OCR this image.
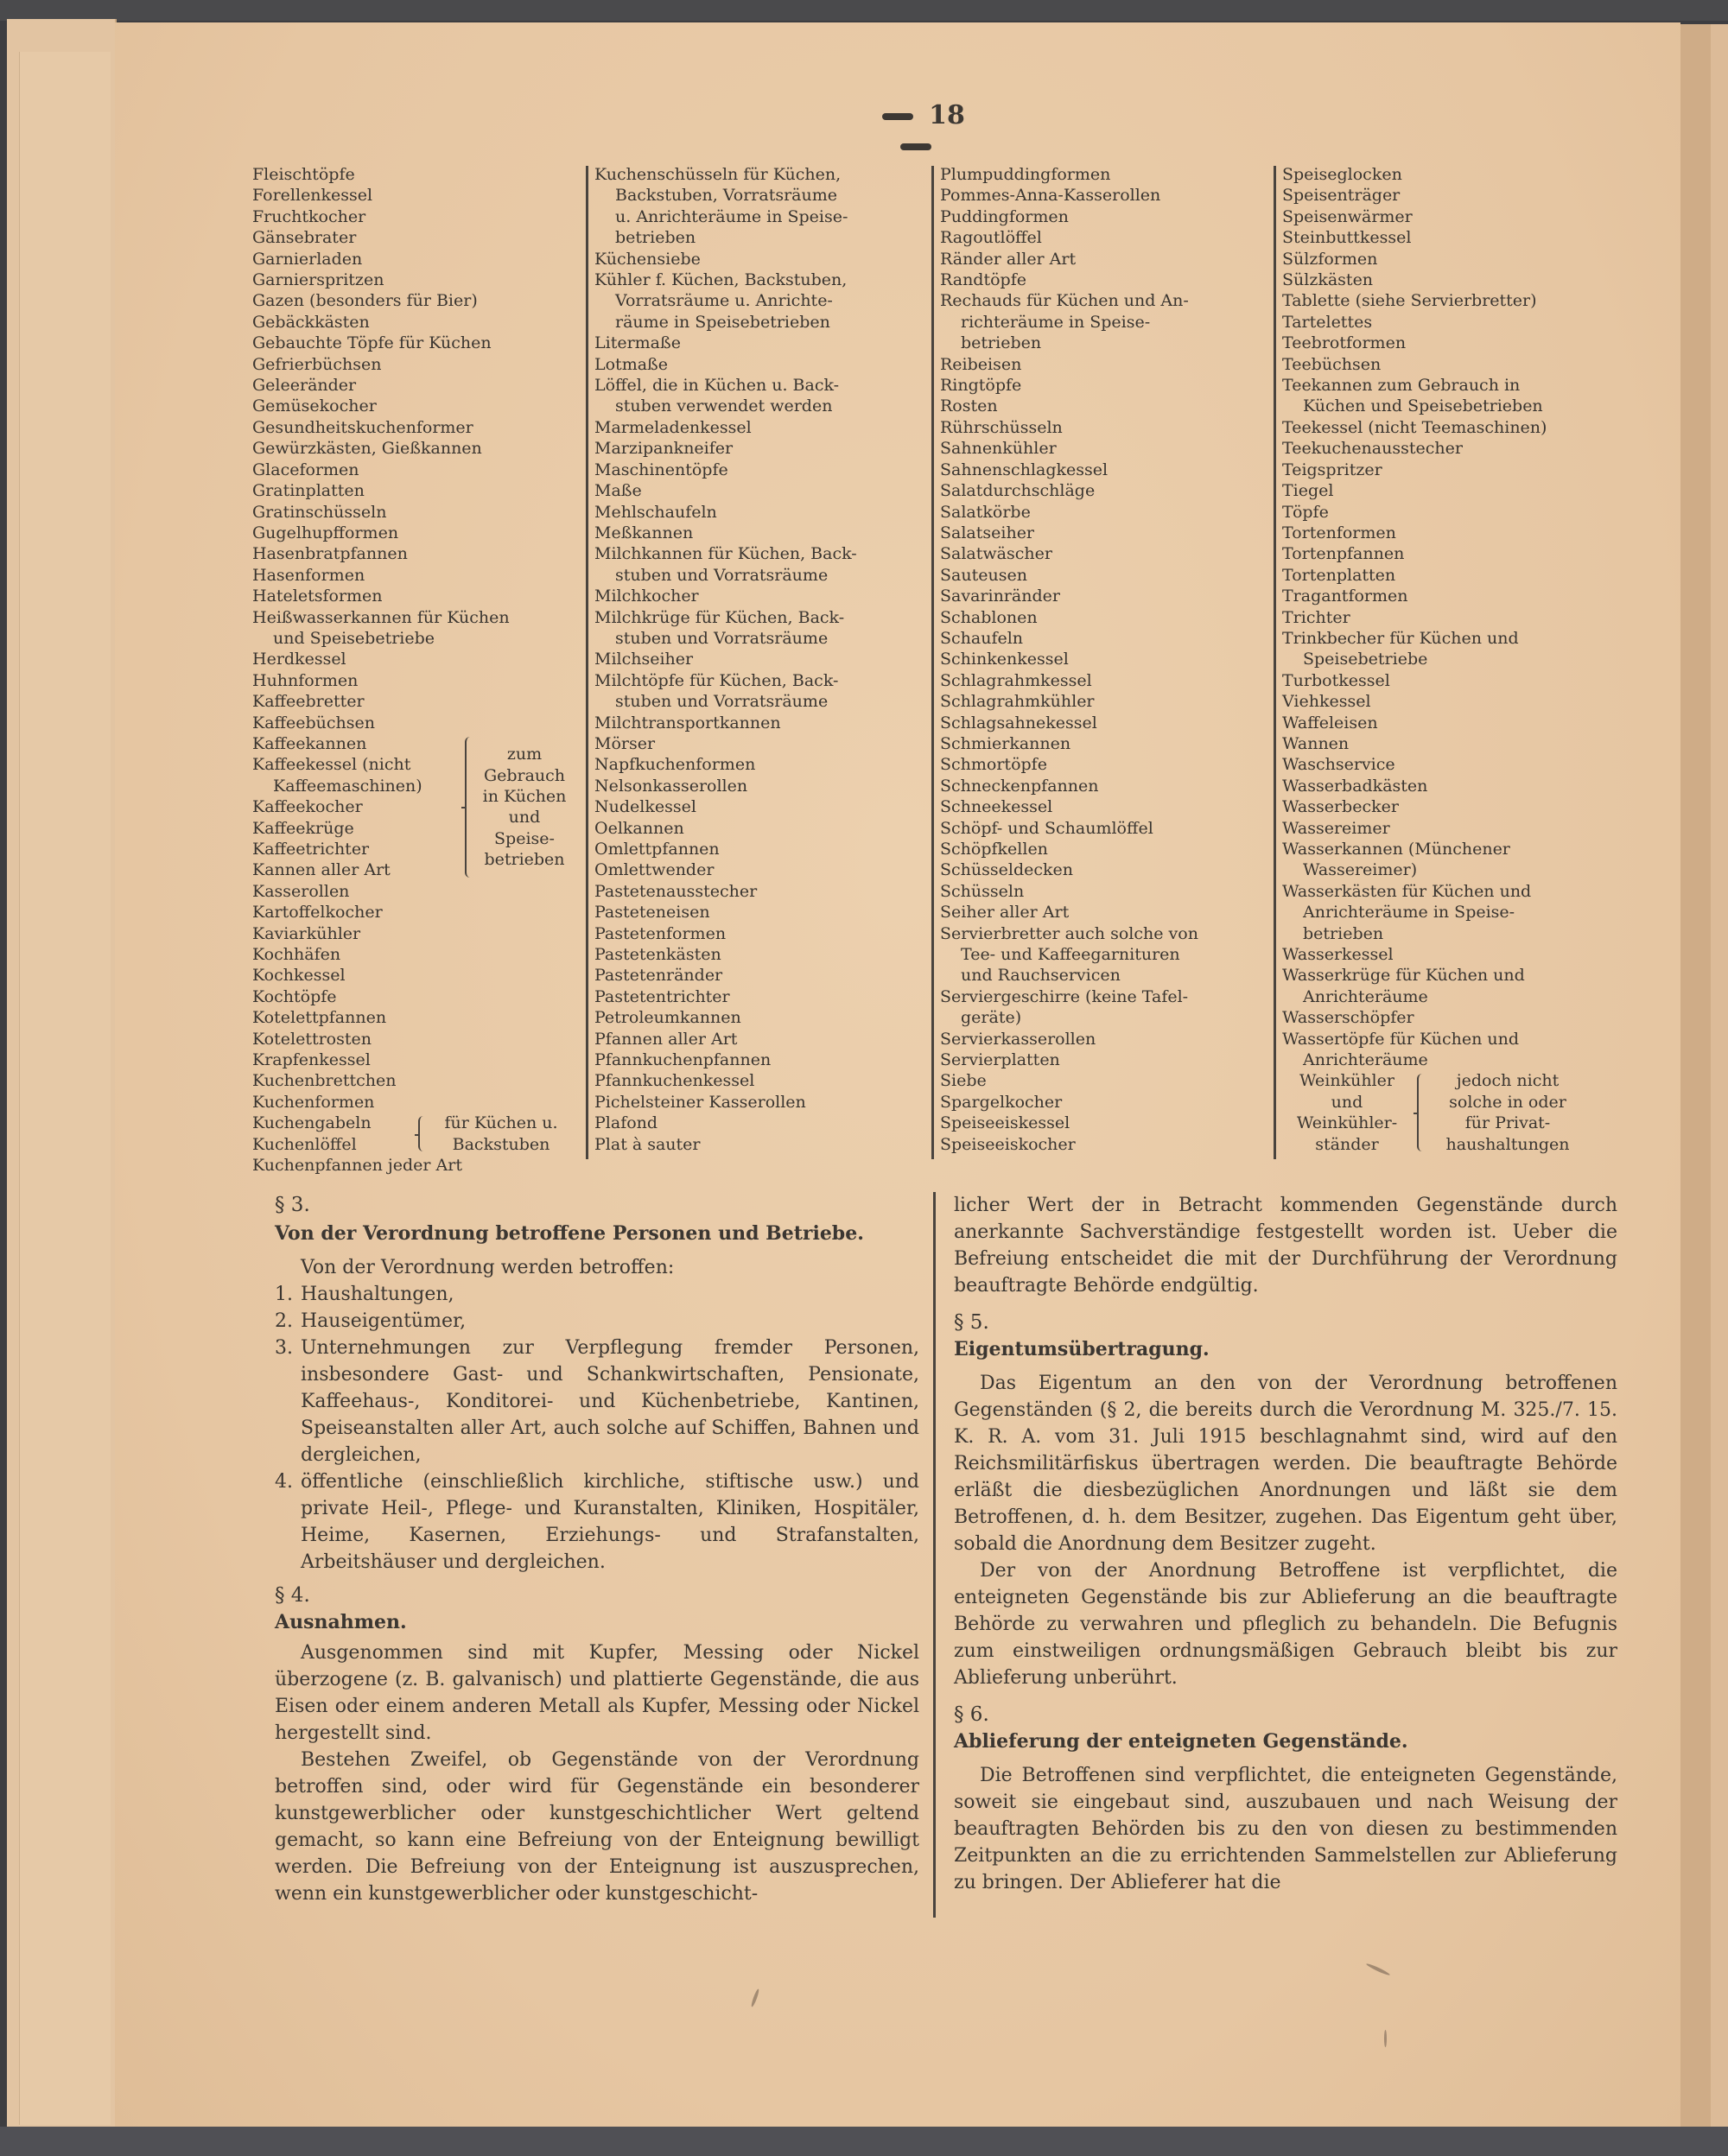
18
Fleischtöpfe
Forellenkessel
Fruchtkocher
Gänsebrater
Garnierladen
Garnierspritzen
Gazen (besonders für Bier)
Gebäckkästen
Gebauchte Töpfe für Küchen
Gefrierbüchsen
Geleeränder
Gemüsekocher
Gesundheitskuchenformer
Gewürzkästen, Gießkannen
Glaceformen
Gratinplatten
Gratinschüsseln
Gugelhupfformen
Hasenbratpfannen
Hasenformen
Hateletsformen
Heißwasserkannen für Küchen
und Speisebetriebe
Herdkessel
Huhnformen
Kaffeebretter
Kaffeebüchsen
Kaffeekannen
Kaffeekessel (nicht
Kaffeemaschinen)
Kaffeekocher
Kaffeekrüge
Kaffeetrichter
Kannen aller Art
zum
Gebrauch
in Küchen
und
Speise-
betrieben
Kasserollen
Kartoffelkocher
Kaviarkühler
Kochhäfen
Kochkessel
Kochtöpfe
Kotelettpfannen
Kotelettrosten
Krapfenkessel
Kuchenbrettchen
Kuchenformen
Kuchengabeln
Kuchenlöffel
für Küchen u.
Backstuben
Kuchenpfannen jeder Art
Kuchenschüsseln für Küchen,
Backstuben, Vorratsräume
u. Anrichteräume in Speise-
betrieben
Küchensiebe
Kühler f. Küchen, Backstuben,
Vorratsräume u. Anrichte-
räume in Speisebetrieben
Litermaße
Lotmaße
Löffel, die in Küchen u. Back-
stuben verwendet werden
Marmeladenkessel
Marzipankneifer
Maschinentöpfe
Maße
Mehlschaufeln
Meßkannen
Milchkannen für Küchen, Back-
stuben und Vorratsräume
Milchkocher
Milchkrüge für Küchen, Back-
stuben und Vorratsräume
Milchseiher
Milchtöpfe für Küchen, Back-
stuben und Vorratsräume
Milchtransportkannen
Mörser
Napfkuchenformen
Nelsonkasserollen
Nudelkessel
Oelkannen
Omlettpfannen
Omlettwender
Pastetenausstecher
Pasteteneisen
Pastetenformen
Pastetenkästen
Pastetenränder
Pastetentrichter
Petroleumkannen
Pfannen aller Art
Pfannkuchenpfannen
Pfannkuchenkessel
Pichelsteiner Kasserollen
Plafond
Plat à sauter
Plumpuddingformen
Pommes-Anna-Kasserollen
Puddingformen
Ragoutlöffel
Ränder aller Art
Randtöpfe
Rechauds für Küchen und An-
richteräume in Speise-
betrieben
Reibeisen
Ringtöpfe
Rosten
Rührschüsseln
Sahnenkühler
Sahnenschlagkessel
Salatdurchschläge
Salatkörbe
Salatseiher
Salatwäscher
Sauteusen
Savarinränder
Schablonen
Schaufeln
Schinkenkessel
Schlagrahmkessel
Schlagrahmkühler
Schlagsahnekessel
Schmierkannen
Schmortöpfe
Schneckenpfannen
Schneekessel
Schöpf- und Schaumlöffel
Schöpfkellen
Schüsseldecken
Schüsseln
Seiher aller Art
Servierbretter auch solche von
Tee- und Kaffeegarnituren
und Rauchservicen
Serviergeschirre (keine Tafel-
geräte)
Servierkasserollen
Servierplatten
Siebe
Spargelkocher
Speiseeiskessel
Speiseeiskocher
Speiseglocken
Speisenträger
Speisenwärmer
Steinbuttkessel
Sülzformen
Sülzkästen
Tablette (siehe Servierbretter)
Tartelettes
Teebrotformen
Teebüchsen
Teekannen zum Gebrauch in
Küchen und Speisebetrieben
Teekessel (nicht Teemaschinen)
Teekuchenausstecher
Teigspritzer
Tiegel
Töpfe
Tortenformen
Tortenpfannen
Tortenplatten
Tragantformen
Trichter
Trinkbecher für Küchen und
Speisebetriebe
Turbotkessel
Viehkessel
Waffeleisen
Wannen
Waschservice
Wasserbadkästen
Wasserbecker
Wassereimer
Wasserkannen (Münchener
Wassereimer)
Wasserkästen für Küchen und
Anrichteräume in Speise-
betrieben
Wasserkessel
Wasserkrüge für Küchen und
Anrichteräume
Wasserschöpfer
Wassertöpfe für Küchen und
Anrichteräume
Weinkühler
und
Weinkühler-
ständer
jedoch nicht
solche in oder
für Privat-
haushaltungen

§ 3.

Von der Verordnung betroffene Personen und Betriebe.

Von der Verordnung werden betroffen:

1. Haushaltungen,
2. Hauseigentümer,
3. Unternehmungen zur Verpflegung fremder Personen, insbesondere Gast- und Schankwirtschaften, Pensionate, Kaffeehaus-, Konditorei- und Küchenbetriebe, Kantinen, Speiseanstalten aller Art, auch solche auf Schiffen, Bahnen und dergleichen,
4. öffentliche (einschließlich kirchliche, stiftische usw.) und private Heil-, Pflege- und Kuranstalten, Kliniken, Hospitäler, Heime, Kasernen, Erziehungs- und Strafanstalten, Arbeitshäuser und dergleichen.

§ 4.

Ausnahmen.

Ausgenommen sind mit Kupfer, Messing oder Nickel überzogene (z. B. galvanisch) und plattierte Gegenstände, die aus Eisen oder einem anderen Metall als Kupfer, Messing oder Nickel hergestellt sind.

Bestehen Zweifel, ob Gegenstände von der Verordnung betroffen sind, oder wird für Gegenstände ein besonderer kunstgewerblicher oder kunstgeschichtlicher Wert geltend gemacht, so kann eine Befreiung von der Enteignung bewilligt werden. Die Befreiung von der Enteignung ist auszusprechen, wenn ein kunstgewerblicher oder kunstgeschicht-

licher Wert der in Betracht kommenden Gegenstände durch anerkannte Sachverständige festgestellt worden ist. Ueber die Befreiung entscheidet die mit der Durchführung der Verordnung beauftragte Behörde endgültig.

§ 5.

Eigentumsübertragung.

Das Eigentum an den von der Verordnung betroffenen Gegenständen (§ 2, die bereits durch die Verordnung M. 325./7. 15. K. R. A. vom 31. Juli 1915 beschlagnahmt sind, wird auf den Reichsmilitärfiskus übertragen werden. Die beauftragte Behörde erläßt die diesbezüglichen Anordnungen und läßt sie dem Betroffenen, d. h. dem Besitzer, zugehen. Das Eigentum geht über, sobald die Anordnung dem Besitzer zugeht.

Der von der Anordnung Betroffene ist verpflichtet, die enteigneten Gegenstände bis zur Ablieferung an die beauftragte Behörde zu verwahren und pfleglich zu behandeln. Die Befugnis zum einstweiligen ordnungsmäßigen Gebrauch bleibt bis zur Ablieferung unberührt.

§ 6.

Ablieferung der enteigneten Gegenstände.

Die Betroffenen sind verpflichtet, die enteigneten Gegenstände, soweit sie eingebaut sind, auszubauen und nach Weisung der beauftragten Behörden bis zu den von diesen zu bestimmenden Zeitpunkten an die zu errichtenden Sammelstellen zur Ablieferung zu bringen. Der Ablieferer hat die
